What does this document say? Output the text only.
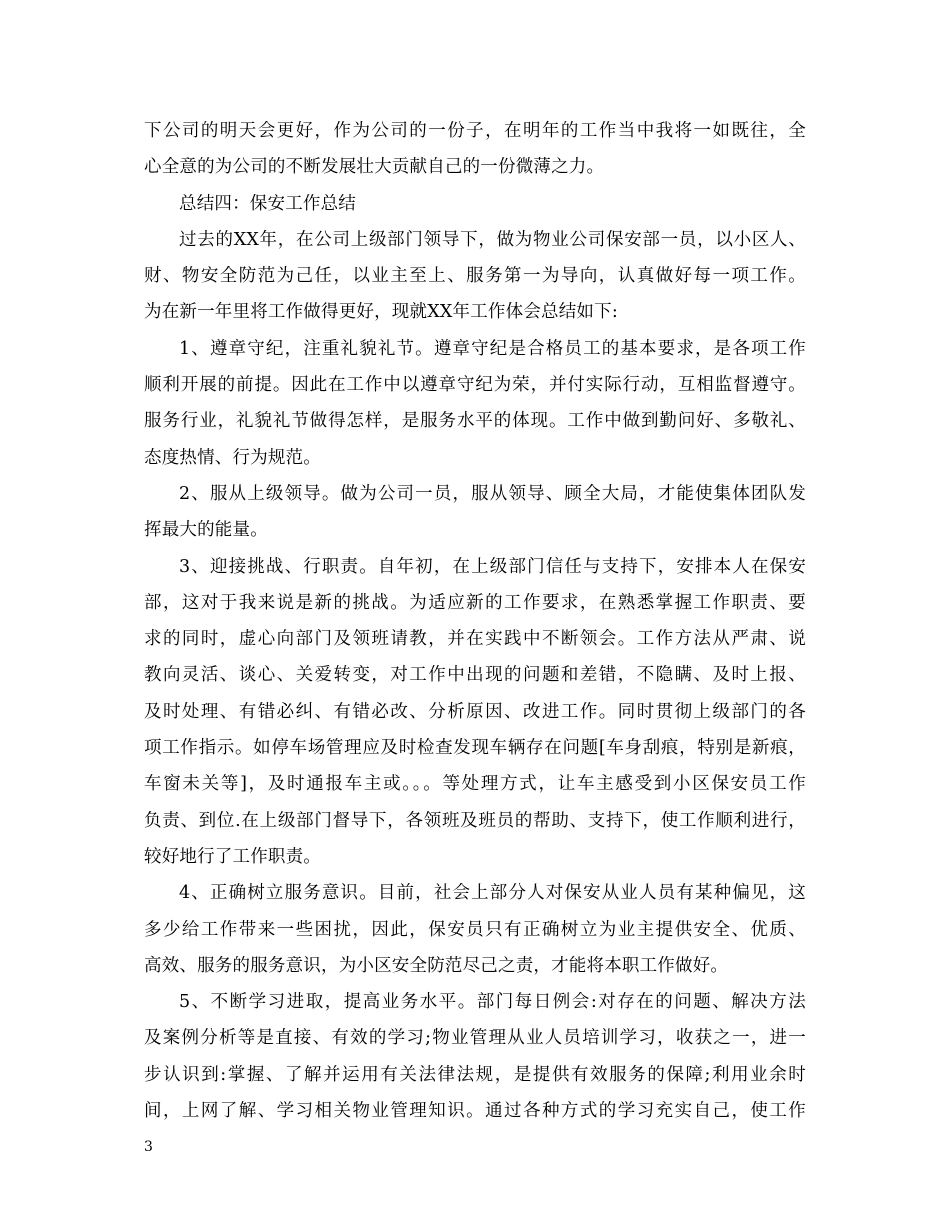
下公司的明天会更好，作为公司的一份子，在明年的工作当中我将一如既往，全
心全意的为公司的不断发展壮大贡献自己的一份微薄之力。
总结四：保安工作总结
过去的XX年，在公司上级部门领导下，做为物业公司保安部一员，以小区人、
财、物安全防范为己任，以业主至上、服务第一为导向，认真做好每一项工作。
为在新一年里将工作做得更好，现就XX年工作体会总结如下:
1、遵章守纪，注重礼貌礼节。遵章守纪是合格员工的基本要求，是各项工作
顺利开展的前提。因此在工作中以遵章守纪为荣，并付实际行动，互相监督遵守。
服务行业，礼貌礼节做得怎样，是服务水平的体现。工作中做到勤问好、多敬礼、
态度热情、行为规范。
2、服从上级领导。做为公司一员，服从领导、顾全大局，才能使集体团队发
挥最大的能量。
3、迎接挑战、行职责。自年初，在上级部门信任与支持下，安排本人在保安
部，这对于我来说是新的挑战。为适应新的工作要求，在熟悉掌握工作职责、要
求的同时，虚心向部门及领班请教，并在实践中不断领会。工作方法从严肃、说
教向灵活、谈心、关爱转变，对工作中出现的问题和差错，不隐瞒、及时上报、
及时处理、有错必纠、有错必改、分析原因、改进工作。同时贯彻上级部门的各
项工作指示。如停车场管理应及时检查发现车辆存在问题[车身刮痕，特别是新痕，
车窗未关等]，及时通报车主或。。。等处理方式，让车主感受到小区保安员工作
负责、到位.在上级部门督导下，各领班及班员的帮助、支持下，使工作顺利进行，
较好地行了工作职责。
4、正确树立服务意识。目前，社会上部分人对保安从业人员有某种偏见，这
多少给工作带来一些困扰，因此，保安员只有正确树立为业主提供安全、优质、
高效、服务的服务意识，为小区安全防范尽己之责，才能将本职工作做好。
5、不断学习进取，提高业务水平。部门每日例会:对存在的问题、解决方法
及案例分析等是直接、有效的学习;物业管理从业人员培训学习，收获之一，进一
步认识到:掌握、了解并运用有关法律法规，是提供有效服务的保障;利用业余时
间，上网了解、学习相关物业管理知识。通过各种方式的学习充实自己，使工作
3
